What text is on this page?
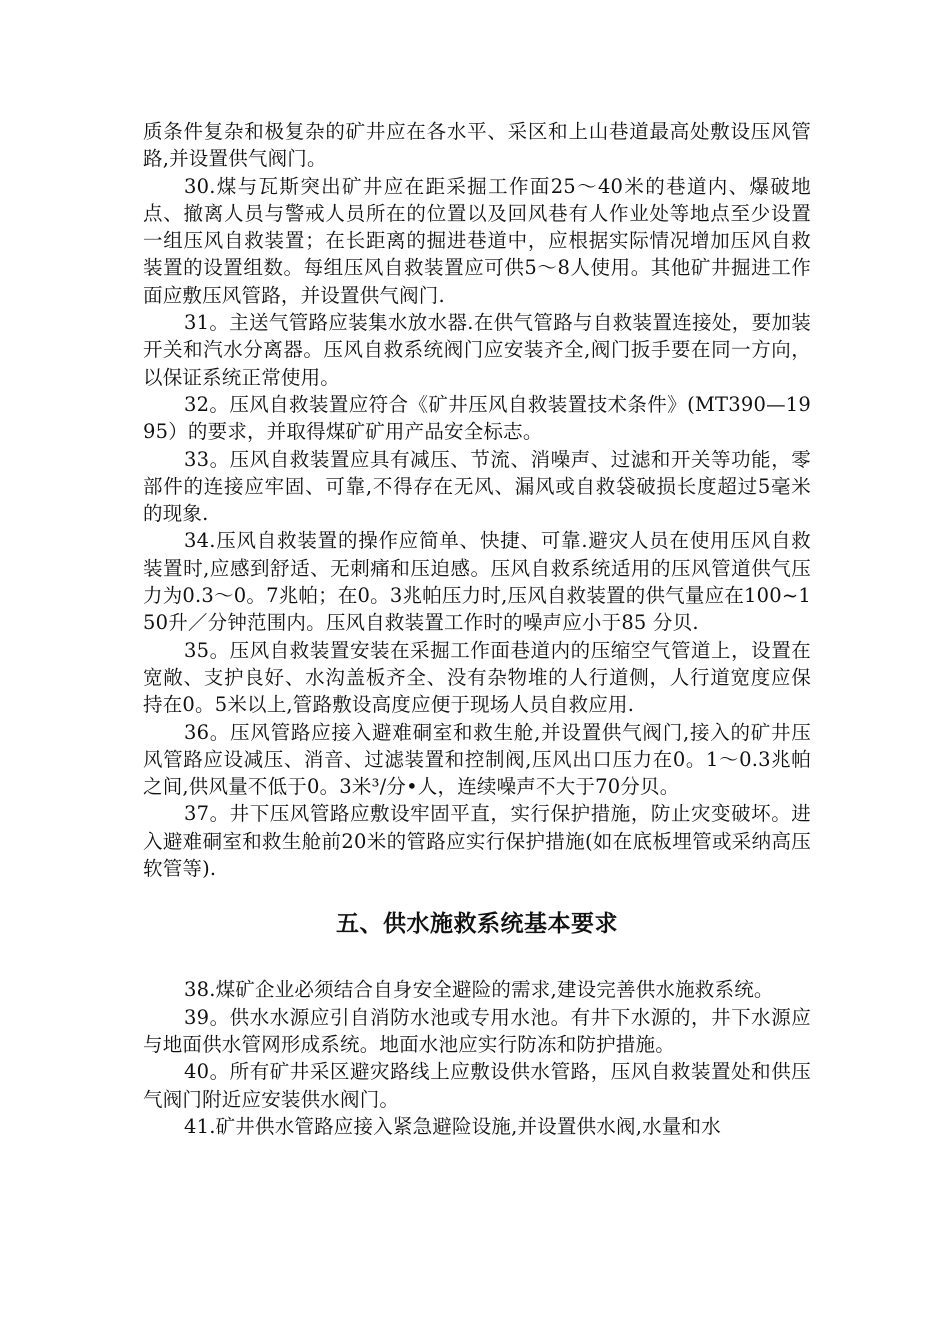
质条件复杂和极复杂的矿井应在各水平、采区和上山巷道最高处敷设压风管路,并设置供气阀门。

30.煤与瓦斯突出矿井应在距采掘工作面25～40米的巷道内、爆破地点、撤离人员与警戒人员所在的位置以及回风巷有人作业处等地点至少设置一组压风自救装置；在长距离的掘进巷道中，应根据实际情况增加压风自救装置的设置组数。每组压风自救装置应可供5～8人使用。其他矿井掘进工作面应敷压风管路，并设置供气阀门.

31。主送气管路应装集水放水器.在供气管路与自救装置连接处，要加装开关和汽水分离器。压风自救系统阀门应安装齐全,阀门扳手要在同一方向，以保证系统正常使用。

32。压风自救装置应符合《矿井压风自救装置技术条件》(MT390—1995）的要求，并取得煤矿矿用产品安全标志。

33。压风自救装置应具有减压、节流、消噪声、过滤和开关等功能，零部件的连接应牢固、可靠,不得存在无风、漏风或自救袋破损长度超过5毫米的现象.

34.压风自救装置的操作应简单、快捷、可靠.避灾人员在使用压风自救装置时,应感到舒适、无刺痛和压迫感。压风自救系统适用的压风管道供气压力为0.3～0。7兆帕；在0。3兆帕压力时,压风自救装置的供气量应在100~150升／分钟范围内。压风自救装置工作时的噪声应小于85 分贝.

35。压风自救装置安装在采掘工作面巷道内的压缩空气管道上，设置在宽敞、支护良好、水沟盖板齐全、没有杂物堆的人行道侧，人行道宽度应保持在0。5米以上,管路敷设高度应便于现场人员自救应用.

36。压风管路应接入避难硐室和救生舱,并设置供气阀门,接入的矿井压风管路应设减压、消音、过滤装置和控制阀,压风出口压力在0。1～0.3兆帕之间,供风量不低于0。3米³/分•人，连续噪声不大于70分贝。

37。井下压风管路应敷设牢固平直，实行保护措施，防止灾变破坏。进入避难硐室和救生舱前20米的管路应实行保护措施(如在底板埋管或采纳高压软管等).

五、供水施救系统基本要求

38.煤矿企业必须结合自身安全避险的需求,建设完善供水施救系统。

39。供水水源应引自消防水池或专用水池。有井下水源的，井下水源应与地面供水管网形成系统。地面水池应实行防冻和防护措施。

40。所有矿井采区避灾路线上应敷设供水管路，压风自救装置处和供压气阀门附近应安装供水阀门。

41.矿井供水管路应接入紧急避险设施,并设置供水阀,水量和水
